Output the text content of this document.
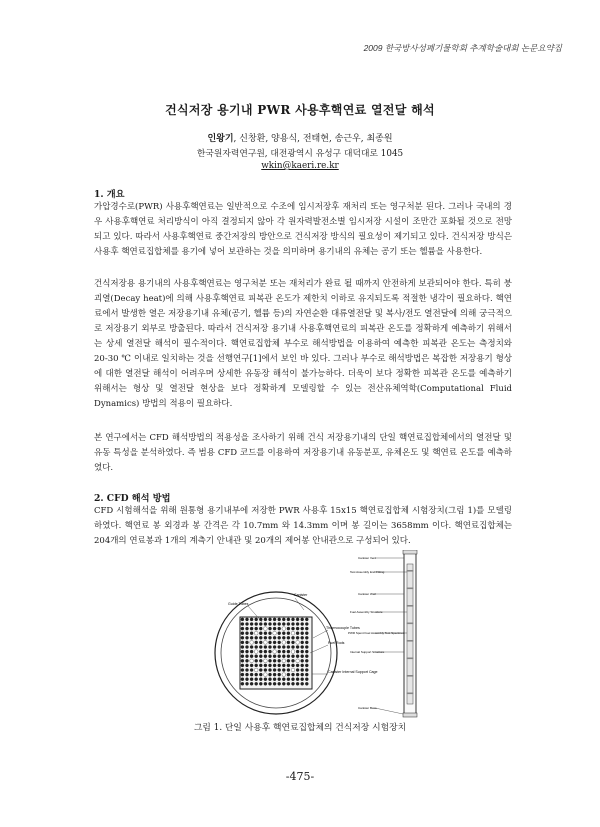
2009 한국방사성폐기물학회 추계학술대회 논문요약집
건식저장 용기내 PWR 사용후핵연료 열전달 해석
인왕기, 신창환, 양용식, 전태현, 송근우, 최종원
한국원자력연구원, 대전광역시 유성구 대덕대로 1045
wkin@kaeri.re.kr
1. 개요

가압경수로(PWR) 사용후핵연료는 일반적으로 수조에 임시저장후 재처리 또는 영구처분 된다. 그러나 국내의 경우 사용후핵연료 처리방식이 아직 결정되지 않아 각 원자력발전소별 임시저장 시설이 조만간 포화될 것으로 전망되고 있다. 따라서 사용후핵연료 중간저장의 방안으로 건식저장 방식의 필요성이 제기되고 있다. 건식저장 방식은 사용후 핵연료집합체를 용기에 넣어 보관하는 것을 의미하며 용기내의 유체는 공기 또는 헬륨을 사용한다.

건식저장용 용기내의 사용후핵연료는 영구처분 또는 재처리가 완료 될 때까지 안전하게 보관되어야 한다. 특히 붕괴열(Decay heat)에 의해 사용후핵연료 피복관 온도가 제한치 이하로 유지되도록 적절한 냉각이 필요하다. 핵연료에서 발생한 열은 저장용기내 유체(공기, 헬륨 등)의 자연순환 대류열전달 및 복사/전도 열전달에 의해 궁극적으로 저장용기 외부로 방출된다. 따라서 건식저장 용기내 사용후핵연료의 피복관 온도를 정확하게 예측하기 위해서는 상세 열전달 해석이 필수적이다. 핵연료집합체 부수로 해석방법을 이용하여 예측한 피복관 온도는 측정치와 20-30 ℃ 이내로 일치하는 것을 선행연구[1]에서 보인 바 있다. 그러나 부수로 해석방법은 복잡한 저장용기 형상에 대한 열전달 해석이 어려우며 상세한 유동장 해석이 불가능하다. 더욱이 보다 정확한 피복관 온도를 예측하기 위해서는 형상 및 열전달 현상을 보다 정확하게 모델링할 수 있는 전산유체역학(Computational Fluid Dynamics) 방법의 적용이 필요하다.

본 연구에서는 CFD 해석방법의 적용성을 조사하기 위해 건식 저장용기내의 단일 핵연료집합체에서의 열전달 및 유동 특성을 분석하였다. 즉 범용 CFD 코드를 이용하여 저장용기내 유동분포, 유체온도 및 핵연료 온도를 예측하였다.

2. CFD 해석 방법

CFD 시험해석을 위해 원통형 용기내부에 저장한 PWR 사용후 15x15 핵연료집합체 시험장치(그림 1)를 모델링하였다. 핵연료 봉 외경과 봉 간격은 각 10.7mm 와 14.3mm 이며 봉 길이는 3658mm 이다. 핵연료집합체는 204개의 연료봉과 1개의 계측기 안내관 및 20개의 제어봉 안내관으로 구성되어 있다.

Guide Tubes
Canister
Thermocouple Tubes
Fuel Rods
Canister Internal Support Cage
Canister Vent
Test Assembly End Fitting
Canister Wall
Fuel Assembly Structure
PWR Spent Fuel Assembly Test Specimen
Internal Support Structure
Canister Base
그림 1. 단일 사용후 핵연료집합체의 건식저장 시험장치
-475-
